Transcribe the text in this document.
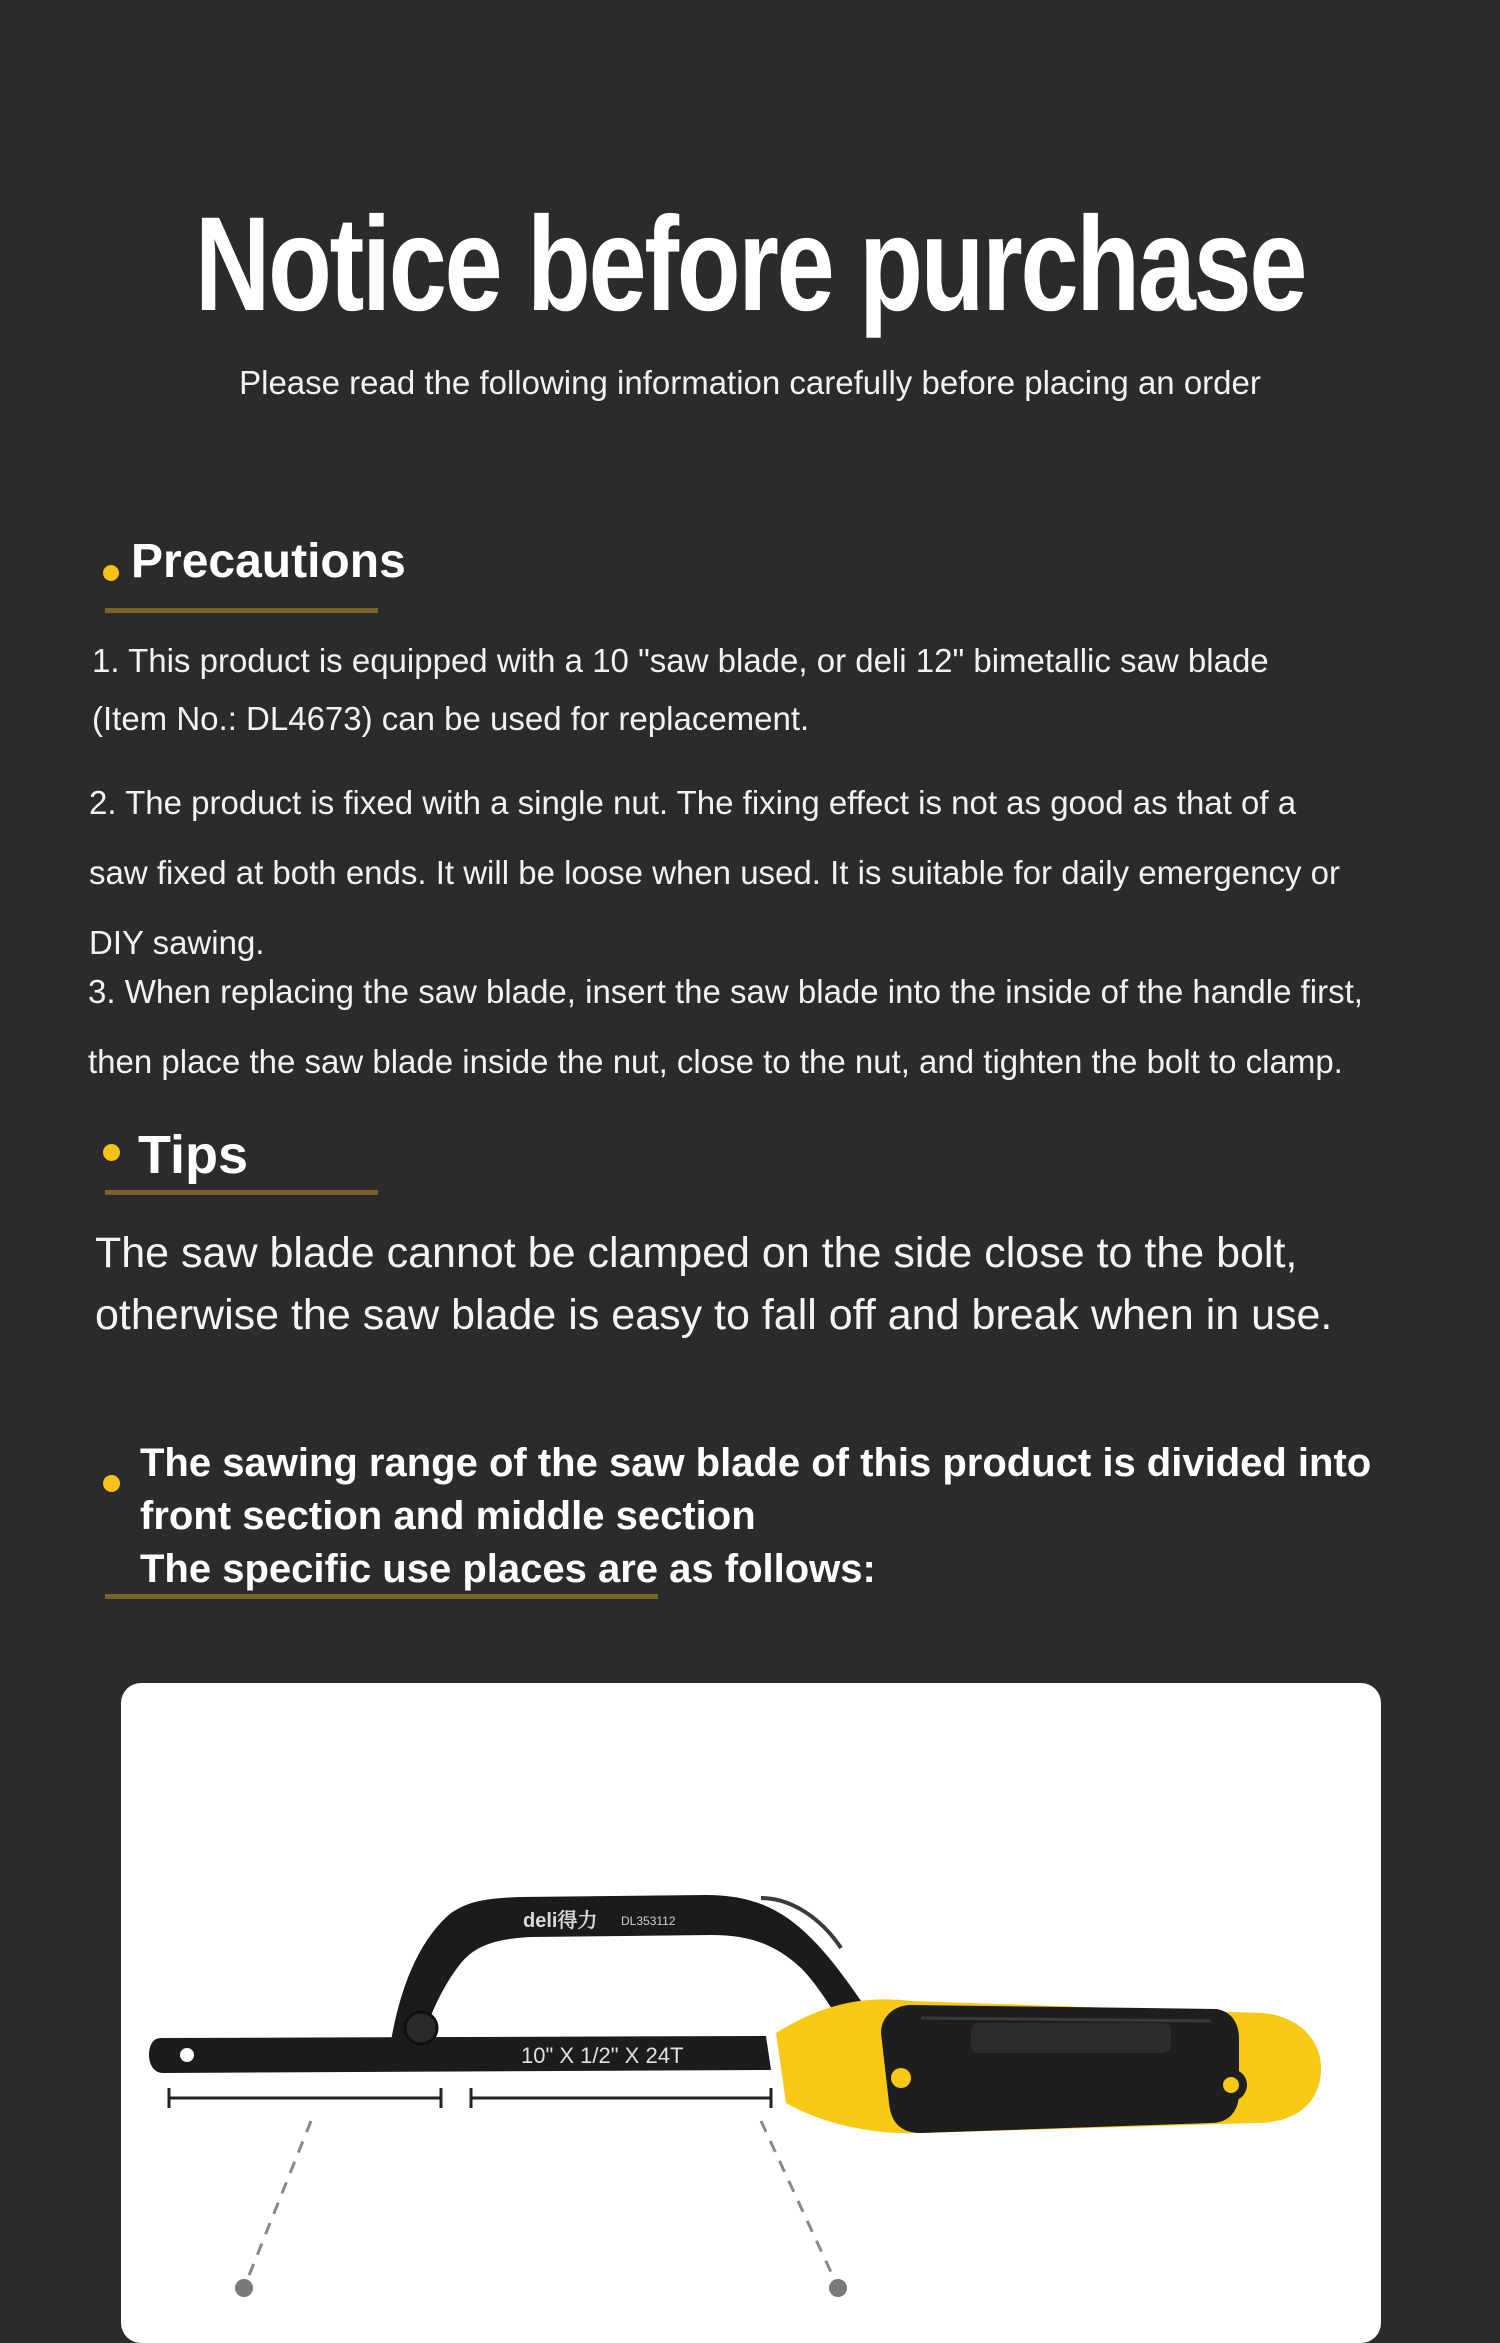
Notice before purchase
Please read the following information carefully before placing an order
Precautions
1. This product is equipped with a 10 "saw blade, or deli 12" bimetallic saw blade
(Item No.: DL4673) can be used for replacement.
2. The product is fixed with a single nut. The fixing effect is not as good as that of a
saw fixed at both ends. It will be loose when used. It is suitable for daily emergency or
DIY sawing.
3. When replacing the saw blade, insert the saw blade into the inside of the handle first,
then place the saw blade inside the nut, close to the nut, and tighten the bolt to clamp.
Tips
The saw blade cannot be clamped on the side close to the bolt,
otherwise the saw blade is easy to fall off and break when in use.
The sawing range of the saw blade of this product is divided into
front section and middle section
The specific use places are as follows:
deli得力 DL353112
10" X 1/2" X 24T
